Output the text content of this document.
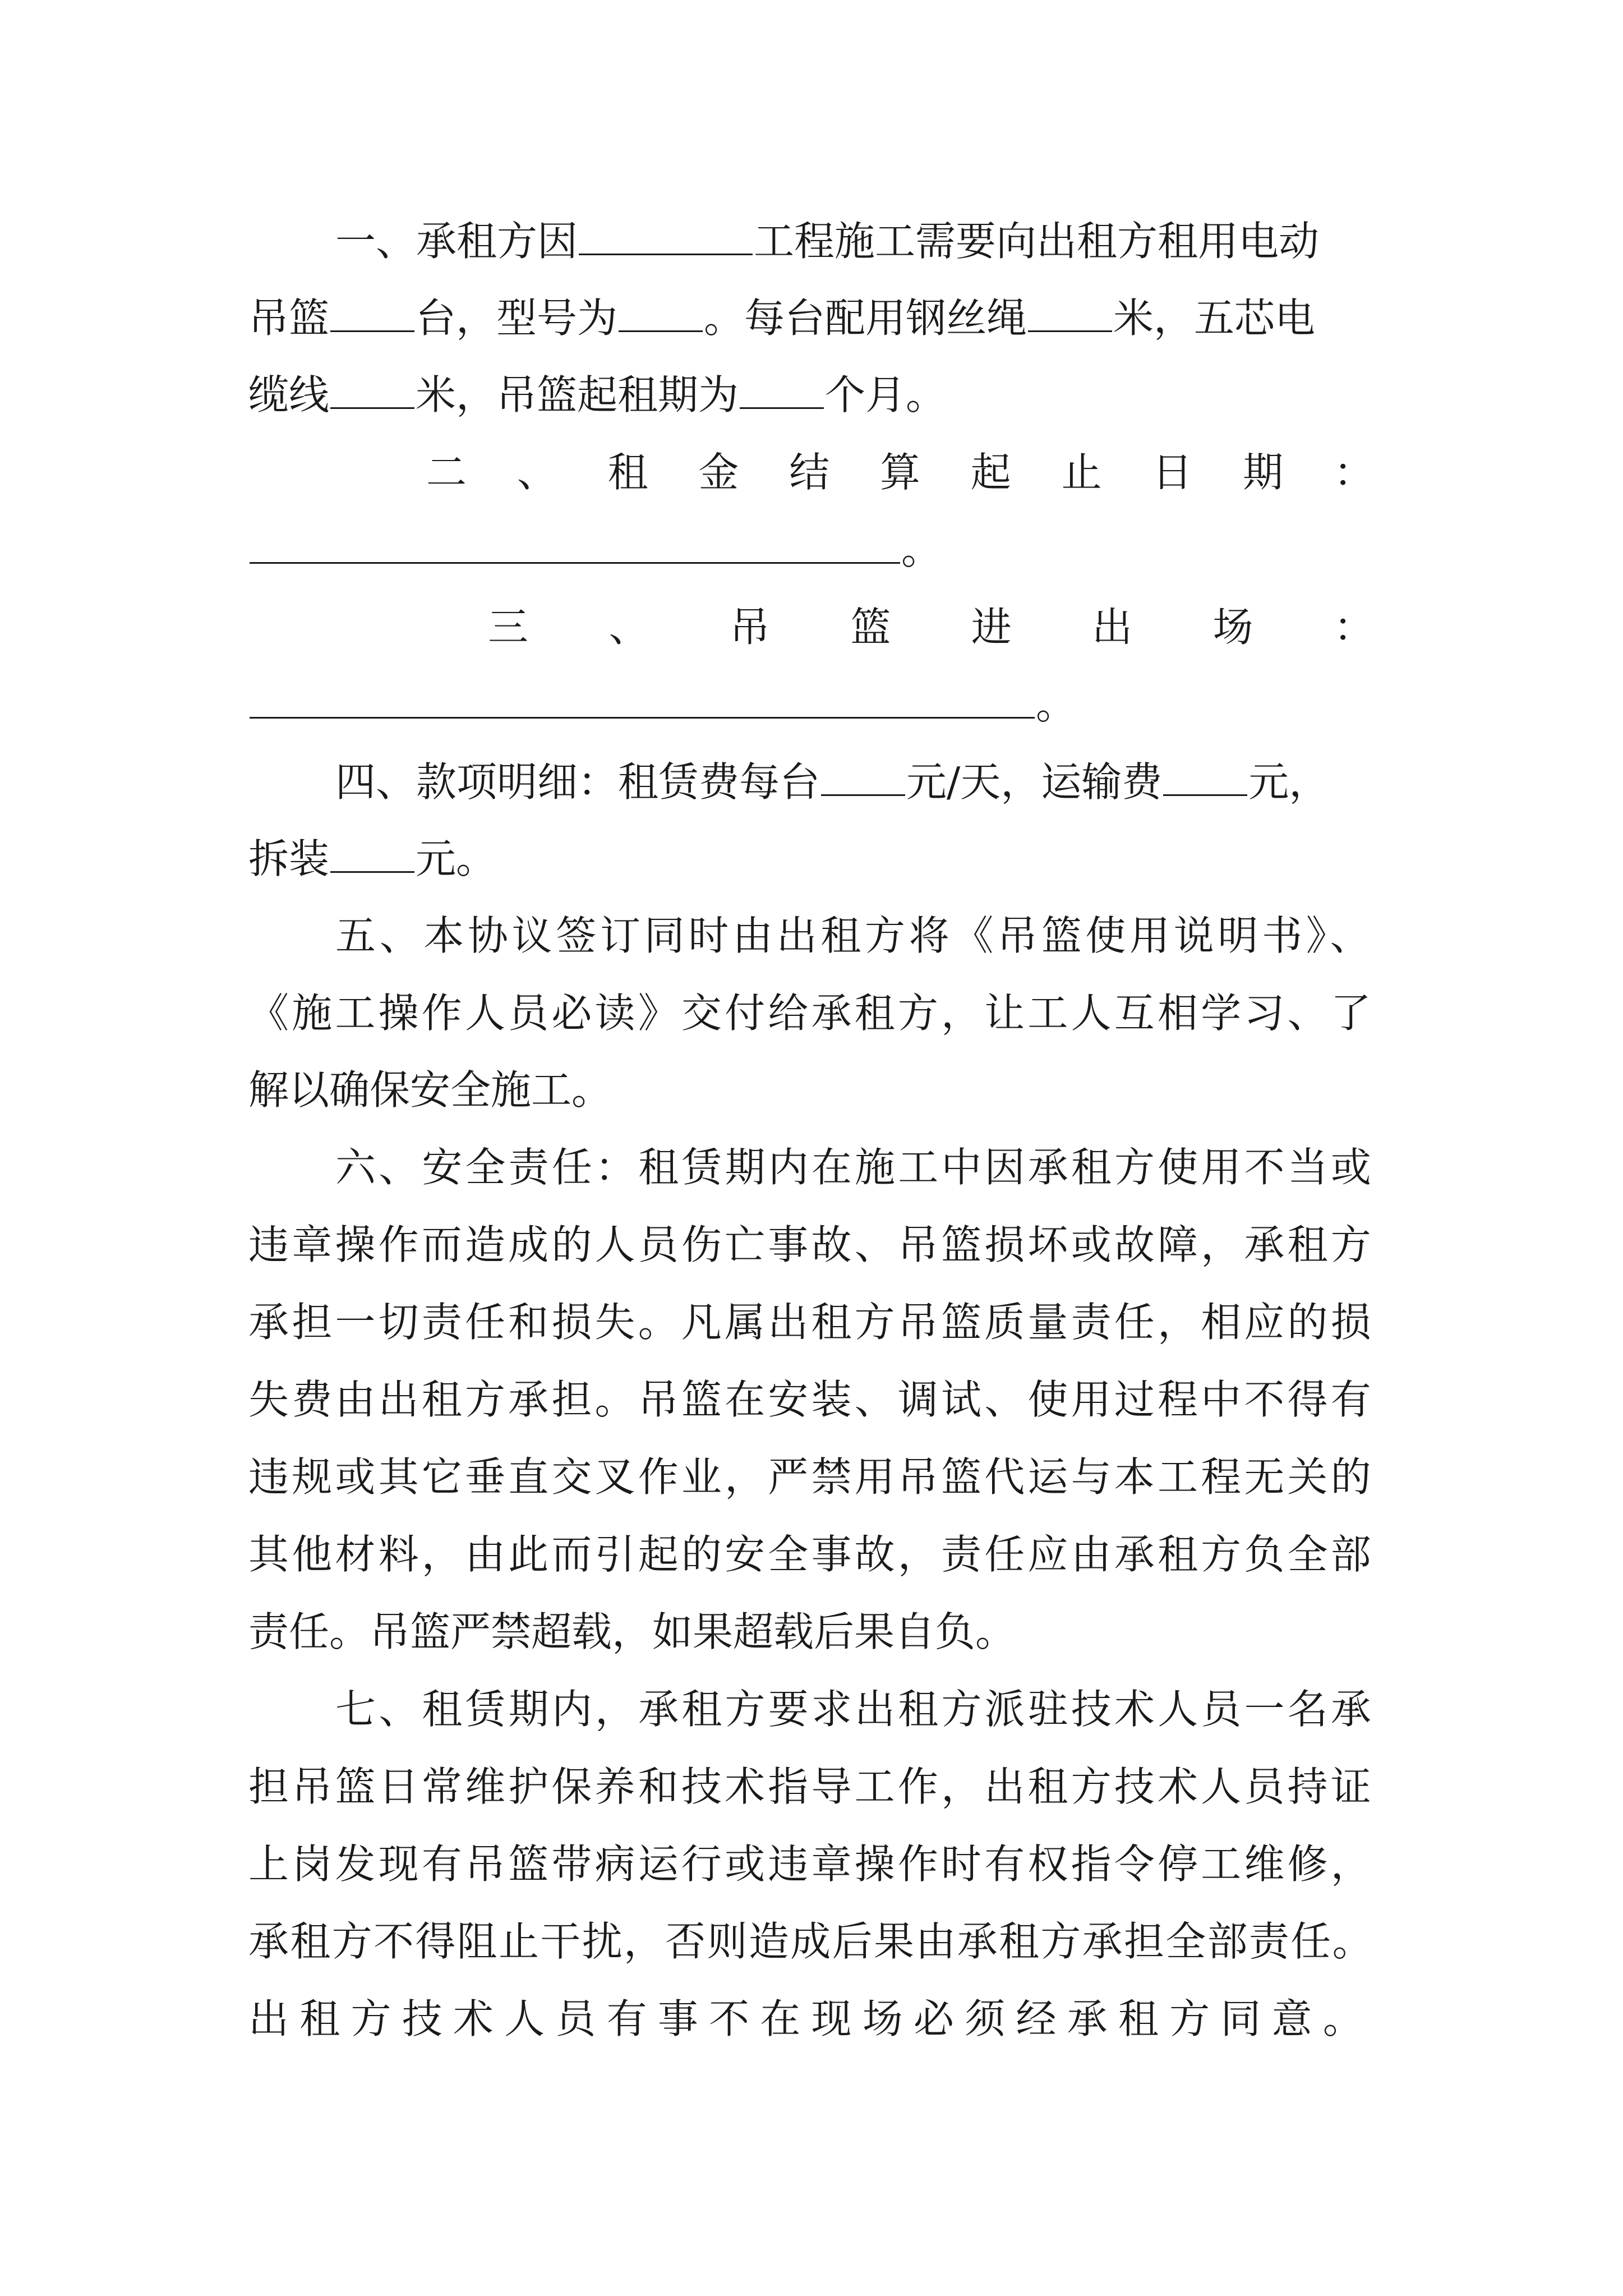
一、承租方因	工程施工需要向出租方租用电动
吊篮 台，型号为 。每台配用钢丝绳 米，五芯电
缆线 米，吊篮起租期为 个月。
二 、 租 金 结 算 起 止 日 期 ：
。
三 、 吊 篮 进 出 场 ：
。
四、款项明细：租赁费每台 元/天，运输费 元，
拆装 元。
五、本协议签订同时由出租方将《吊篮使用说明书》、
《施工操作人员必读》交付给承租方，让工人互相学习、了
解以确保安全施工。
六、安全责任：租赁期内在施工中因承租方使用不当或
违章操作而造成的人员伤亡事故、吊篮损坏或故障，承租方
承担一切责任和损失。凡属出租方吊篮质量责任，相应的损
失费由出租方承担。吊篮在安装、调试、使用过程中不得有
违规或其它垂直交叉作业，严禁用吊篮代运与本工程无关的
其他材料，由此而引起的安全事故，责任应由承租方负全部
责任。吊篮严禁超载，如果超载后果自负。
七、租赁期内，承租方要求出租方派驻技术人员一名承
担吊篮日常维护保养和技术指导工作，出租方技术人员持证
上岗发现有吊篮带病运行或违章操作时有权指令停工维修，
承租方不得阻止干扰，否则造成后果由承租方承担全部责任。
出租方技术人员有事不在现场必须经承租方同意。
